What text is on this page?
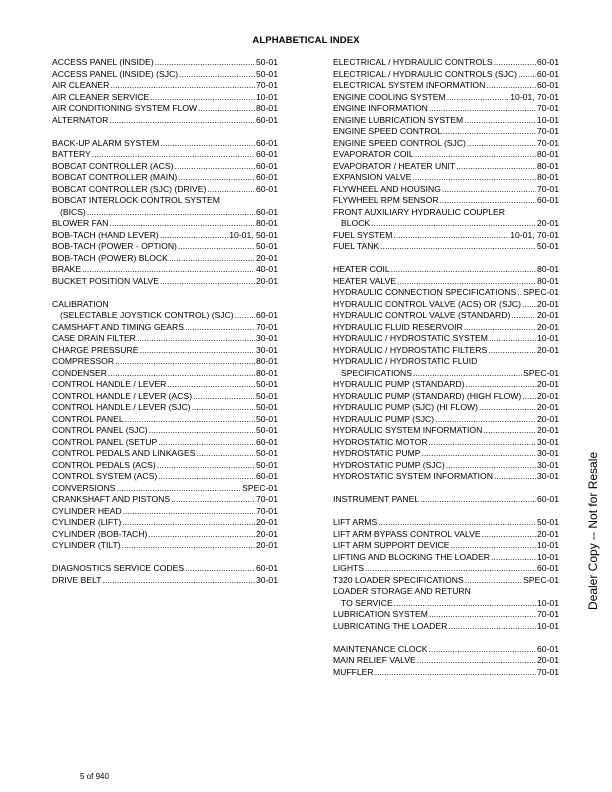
ALPHABETICAL INDEX
ACCESS PANEL (INSIDE) .....	50-01
ACCESS PANEL (INSIDE) (SJC) .....	50-01
AIR CLEANER .....	70-01
AIR CLEANER SERVICE .....	10-01
AIR CONDITIONING SYSTEM FLOW .....	80-01
ALTERNATOR .....	60-01
BACK-UP ALARM SYSTEM .....	60-01
BATTERY .....	60-01
BOBCAT CONTROLLER (ACS) .....	60-01
BOBCAT CONTROLLER (MAIN) .....	60-01
BOBCAT CONTROLLER (SJC) (DRIVE) .....	60-01
BOBCAT INTERLOCK CONTROL SYSTEM
(BICS) .....	60-01
BLOWER FAN .....	80-01
BOB-TACH (HAND LEVER) .....	10-01, 50-01
BOB-TACH (POWER - OPTION) .....	50-01
BOB-TACH (POWER) BLOCK .....	20-01
BRAKE .....	40-01
BUCKET POSITION VALVE .....	20-01
CALIBRATION
(SELECTABLE JOYSTICK CONTROL) (SJC) .....	60-01
CAMSHAFT AND TIMING GEARS .....	70-01
CASE DRAIN FILTER .....	30-01
CHARGE PRESSURE .....	30-01
COMPRESSOR .....	80-01
CONDENSER .....	80-01
CONTROL HANDLE / LEVER .....	50-01
CONTROL HANDLE / LEVER (ACS) .....	50-01
CONTROL HANDLE / LEVER (SJC) .....	50-01
CONTROL PANEL .....	50-01
CONTROL PANEL (SJC) .....	50-01
CONTROL PANEL (SETUP .....	60-01
CONTROL PEDALS AND LINKAGES .....	50-01
CONTROL PEDALS (ACS) .....	50-01
CONTROL SYSTEM (ACS) .....	60-01
CONVERSIONS .....	SPEC-01
CRANKSHAFT AND PISTONS .....	70-01
CYLINDER HEAD .....	70-01
CYLINDER (LIFT) .....	20-01
CYLINDER (BOB-TACH) .....	20-01
CYLINDER (TILT) .....	20-01
DIAGNOSTICS SERVICE CODES .....	60-01
DRIVE BELT .....	30-01
ELECTRICAL / HYDRAULIC CONTROLS .....	60-01
ELECTRICAL / HYDRAULIC CONTROLS (SJC) ..... 60-01
ELECTRICAL SYSTEM INFORMATION .....	60-01
ENGINE COOLING SYSTEM .....	10-01, 70-01
ENGINE INFORMATION .....	70-01
ENGINE LUBRICATION SYSTEM .....	10-01
ENGINE SPEED CONTROL .....	70-01
ENGINE SPEED CONTROL (SJC) .....	70-01
EVAPORATOR COIL .....	80-01
EVAPORATOR / HEATER UNIT .....	80-01
EXPANSION VALVE .....	80-01
FLYWHEEL AND HOUSING .....	70-01
FLYWHEEL RPM SENSOR .....	60-01
FRONT AUXILIARY HYDRAULIC COUPLER
BLOCK .....	20-01
FUEL SYSTEM .....	10-01, 70-01
FUEL TANK .....	50-01
HEATER COIL .....	80-01
HEATER VALVE .....	80-01
HYDRAULIC CONNECTION SPECIFICATIONS ..... SPEC-01
HYDRAULIC CONTROL VALVE (ACS) OR (SJC) ..... 20-01
HYDRAULIC CONTROL VALVE (STANDARD) .....	20-01
HYDRAULIC FLUID RESERVOIR .....	20-01
HYDRAULIC / HYDROSTATIC SYSTEM .....	10-01
HYDRAULIC / HYDROSTATIC FILTERS .....	20-01
HYDRAULIC / HYDROSTATIC FLUID
SPECIFICATIONS .....	SPEC-01
HYDRAULIC PUMP (STANDARD) .....	20-01
HYDRAULIC PUMP (STANDARD) (HIGH FLOW) ..... 20-01
HYDRAULIC PUMP (SJC) (HI FLOW) .....	20-01
HYDRAULIC PUMP (SJC) .....	20-01
HYDRAULIC SYSTEM INFORMATION .....	20-01
HYDROSTATIC MOTOR .....	30-01
HYDROSTATIC PUMP .....	30-01
HYDROSTATIC PUMP (SJC) .....	30-01
HYDROSTATIC SYSTEM INFORMATION .....	30-01
INSTRUMENT PANEL .....	60-01
LIFT ARMS .....	50-01
LIFT ARM BYPASS CONTROL VALVE .....	20-01
LIFT ARM SUPPORT DEVICE .....	10-01
LIFTING AND BLOCKING THE LOADER .....	10-01
LIGHTS .....	60-01
T320 LOADER SPECIFICATIONS .....	SPEC-01
LOADER STORAGE AND RETURN
TO SERVICE .....	10-01
LUBRICATION SYSTEM .....	70-01
LUBRICATING THE LOADER .....	10-01
MAINTENANCE CLOCK .....	60-01
MAIN RELIEF VALVE .....	20-01
MUFFLER .....	70-01
Dealer Copy -- Not for Resale
5 of 940
